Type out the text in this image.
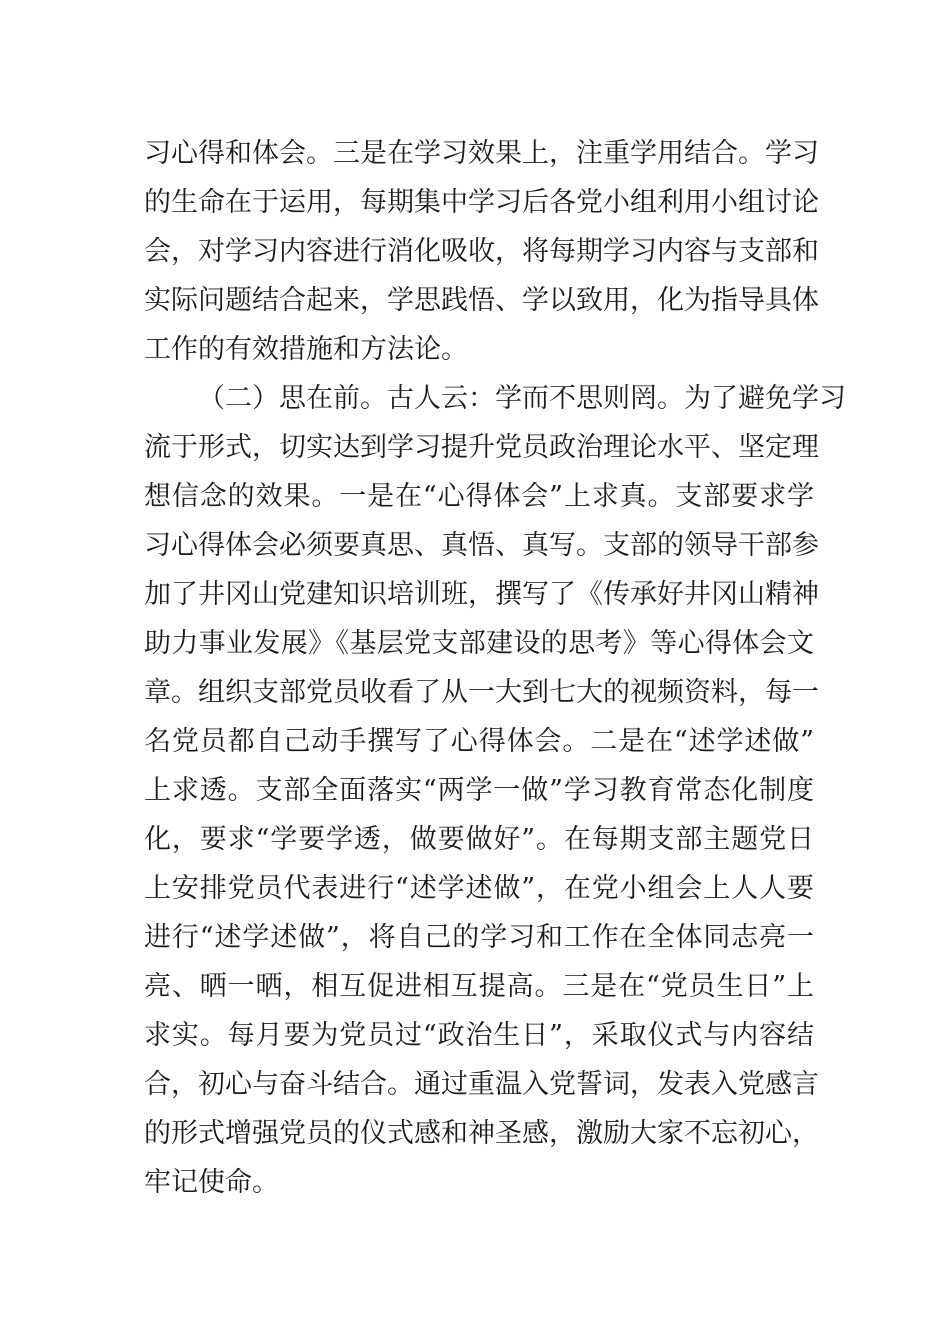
习心得和体会。三是在学习效果上，注重学用结合。学习
的生命在于运用，每期集中学习后各党小组利用小组讨论
会，对学习内容进行消化吸收，将每期学习内容与支部和
实际问题结合起来，学思践悟、学以致用，化为指导具体
工作的有效措施和方法论。
（二）思在前。古人云：学而不思则罔。为了避免学习
流于形式，切实达到学习提升党员政治理论水平、坚定理
想信念的效果。一是在“心得体会”上求真。支部要求学
习心得体会必须要真思、真悟、真写。支部的领导干部参
加了井冈山党建知识培训班，撰写了《传承好井冈山精神
助力事业发展》《基层党支部建设的思考》等心得体会文
章。组织支部党员收看了从一大到七大的视频资料，每一
名党员都自己动手撰写了心得体会。二是在“述学述做”
上求透。支部全面落实“两学一做”学习教育常态化制度
化，要求“学要学透，做要做好”。在每期支部主题党日
上安排党员代表进行“述学述做”，在党小组会上人人要
进行“述学述做”，将自己的学习和工作在全体同志亮一
亮、晒一晒，相互促进相互提高。三是在“党员生日”上
求实。每月要为党员过“政治生日”，采取仪式与内容结
合，初心与奋斗结合。通过重温入党誓词，发表入党感言
的形式增强党员的仪式感和神圣感，激励大家不忘初心，
牢记使命。
